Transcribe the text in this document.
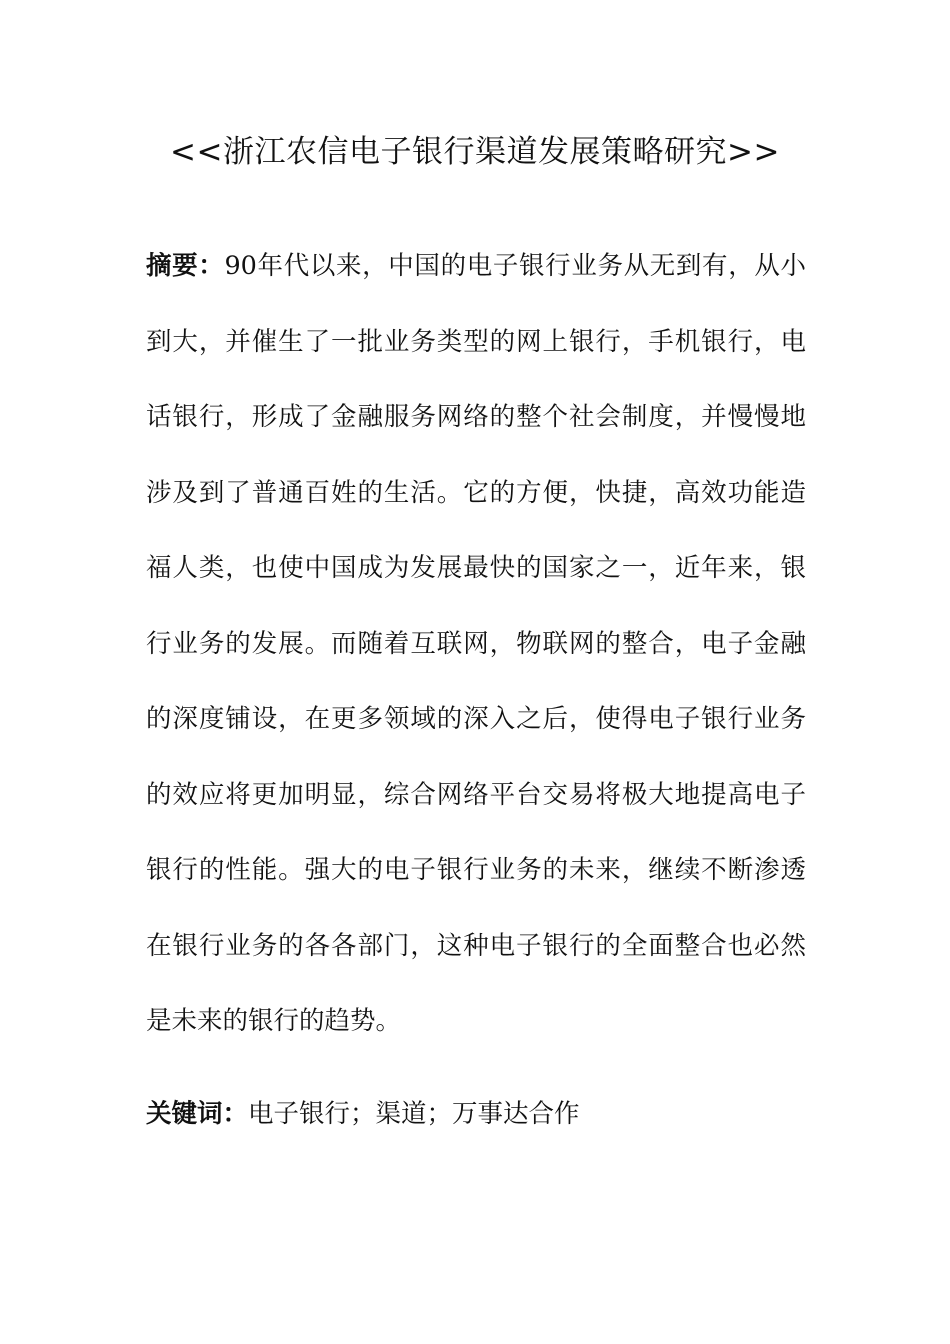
<<浙江农信电子银行渠道发展策略研究>>

摘要：90年代以来，中国的电子银行业务从无到有，从小到大，并催生了一批业务类型的网上银行，手机银行，电话银行，形成了金融服务网络的整个社会制度，并慢慢地涉及到了普通百姓的生活。它的方便，快捷，高效功能造福人类，也使中国成为发展最快的国家之一，近年来，银行业务的发展。而随着互联网，物联网的整合，电子金融的深度铺设，在更多领域的深入之后，使得电子银行业务的效应将更加明显，综合网络平台交易将极大地提高电子银行的性能。强大的电子银行业务的未来，继续不断渗透在银行业务的各各部门，这种电子银行的全面整合也必然是未来的银行的趋势。

关键词：电子银行；渠道；万事达合作
